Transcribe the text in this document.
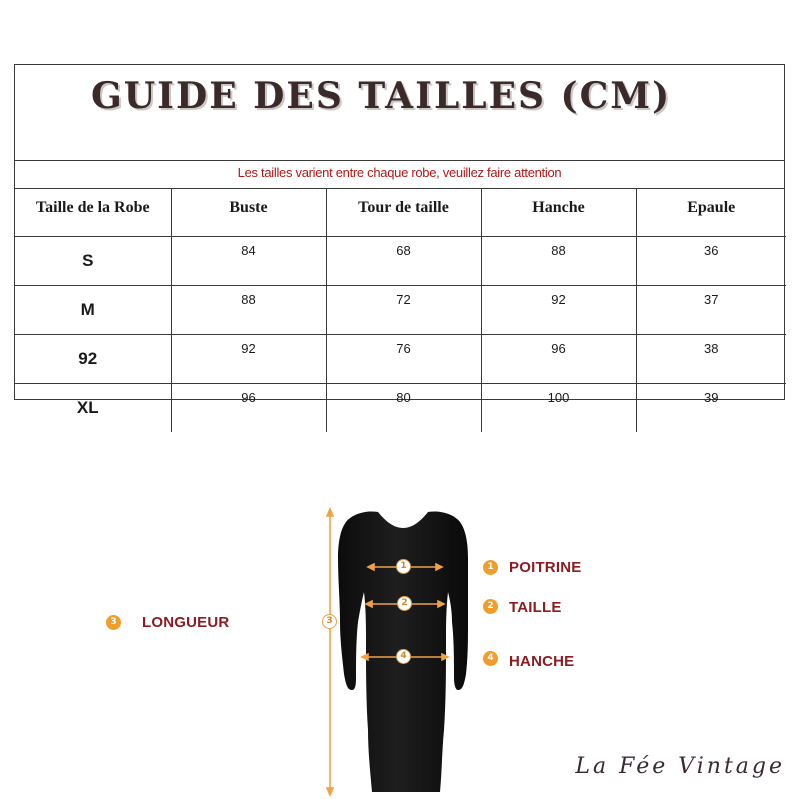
GUIDE DES TAILLES (CM)
Les tailles varient entre chaque robe, veuillez faire attention
Taille de la Robe	Buste	Tour de taille	Hanche	Epaule
S	84	68	88	36
M	88	72	92	37
92	92	76	96	38
XL	96	80	100	39
1
2
4
3
1 POITRINE
2 TAILLE
4 HANCHE
3 LONGUEUR
La Fée Vintage
